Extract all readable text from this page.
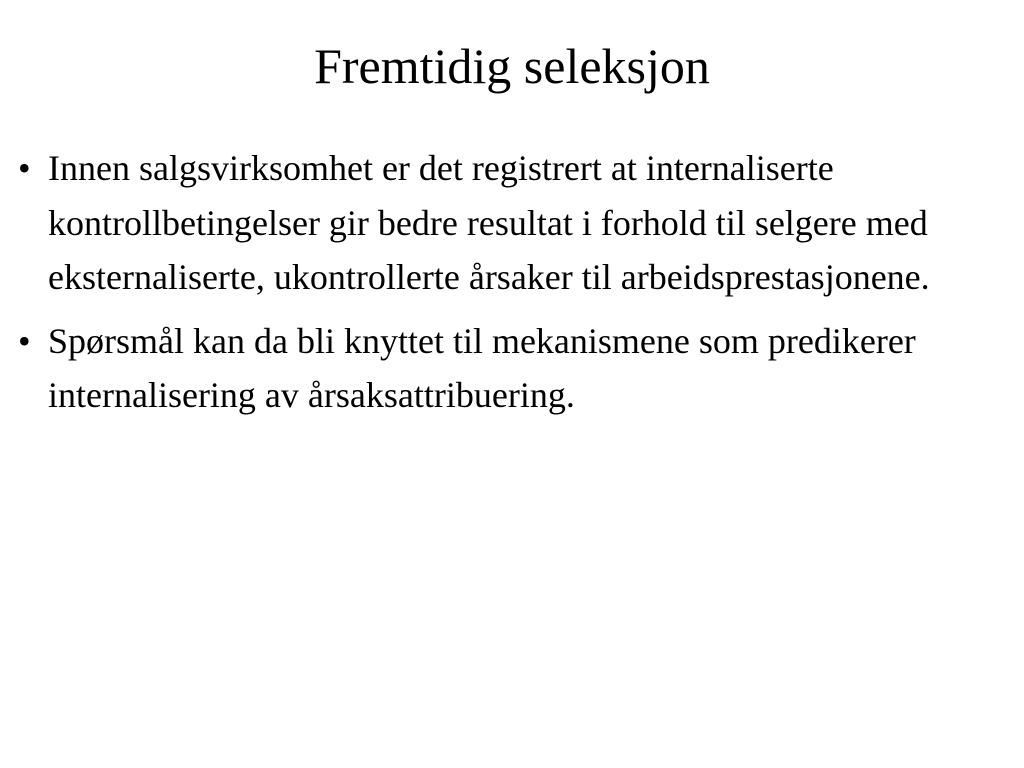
Fremtidig seleksjon
• Innen salgsvirksomhet er det registrert at internaliserte kontrollbetingelser gir bedre resultat i forhold til selgere med eksternaliserte, ukontrollerte årsaker til arbeidsprestasjonene.
• Spørsmål kan da bli knyttet til mekanismene som predikerer internalisering av årsaksattribuering.
